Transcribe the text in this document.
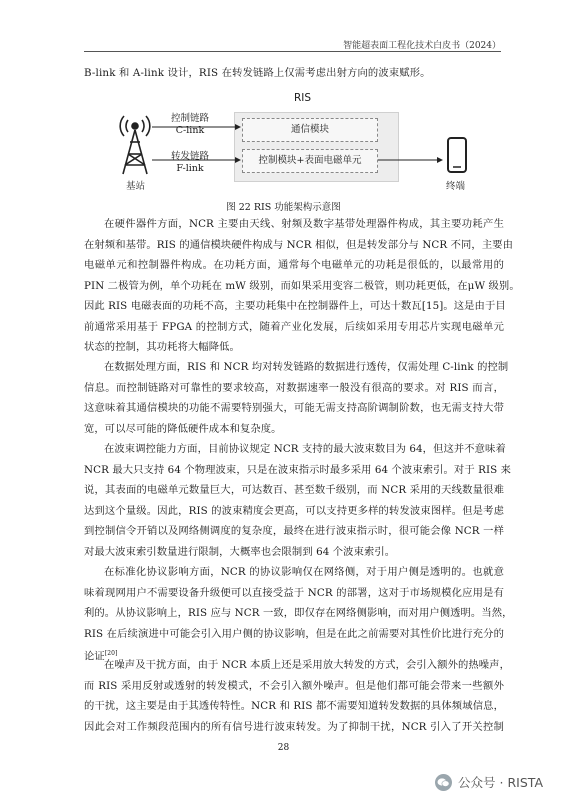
智能超表面工程化技术白皮书（2024）
B-link 和 A-link 设计，RIS 在转发链路上仅需考虑出射方向的波束赋形。
RIS
通信模块
控制模块+表面电磁单元
控制链路
C-link
转发链路
F-link
基站	终端
图 22 RIS 功能架构示意图
在硬件器件方面，NCR 主要由天线、射频及数字基带处理器件构成，其主要功耗产生
在射频和基带。RIS 的通信模块硬件构成与 NCR 相似，但是转发部分与 NCR 不同，主要由
电磁单元和控制器件构成。在功耗方面，通常每个电磁单元的功耗是很低的，以最常用的
PIN 二极管为例，单个功耗在 mW 级别，而如果采用变容二极管，则功耗更低，在μW 级别。
因此 RIS 电磁表面的功耗不高，主要功耗集中在控制器件上，可达十数瓦[15]。这是由于目
前通常采用基于 FPGA 的控制方式，随着产业化发展，后续如采用专用芯片实现电磁单元
状态的控制，其功耗将大幅降低。
在数据处理方面，RIS 和 NCR 均对转发链路的数据进行透传，仅需处理 C-link 的控制
信息。而控制链路对可靠性的要求较高，对数据速率一般没有很高的要求。对 RIS 而言，
这意味着其通信模块的功能不需要特别强大，可能无需支持高阶调制阶数，也无需支持大带
宽，可以尽可能的降低硬件成本和复杂度。
在波束调控能力方面，目前协议规定 NCR 支持的最大波束数目为 64，但这并不意味着
NCR 最大只支持 64 个物理波束，只是在波束指示时最多采用 64 个波束索引。对于 RIS 来
说，其表面的电磁单元数量巨大，可达数百、甚至数千级别，而 NCR 采用的天线数量很难
达到这个量级。因此，RIS 的波束精度会更高，可以支持更多样的转发波束图样。但是考虑
到控制信令开销以及网络侧调度的复杂度，最终在进行波束指示时，很可能会像 NCR 一样
对最大波束索引数量进行限制，大概率也会限制到 64 个波束索引。
在标准化协议影响方面，NCR 的协议影响仅在网络侧，对于用户侧是透明的。也就意
味着现网用户不需要设备升级便可以直接受益于 NCR 的部署，这对于市场规模化应用是有
利的。从协议影响上，RIS 应与 NCR 一致，即仅存在网络侧影响，而对用户侧透明。当然，
RIS 在后续演进中可能会引入用户侧的协议影响，但是在此之前需要对其性价比进行充分的
论证[20]
在噪声及干扰方面，由于 NCR 本质上还是采用放大转发的方式，会引入额外的热噪声，
而 RIS 采用反射或透射的转发模式，不会引入额外噪声。但是他们都可能会带来一些额外
的干扰，这主要是由于其透传特性。NCR 和 RIS 都不需要知道转发数据的具体频域信息，
因此会对工作频段范围内的所有信号进行波束转发。为了抑制干扰，NCR 引入了开关控制
28
公众号 · RISTA
